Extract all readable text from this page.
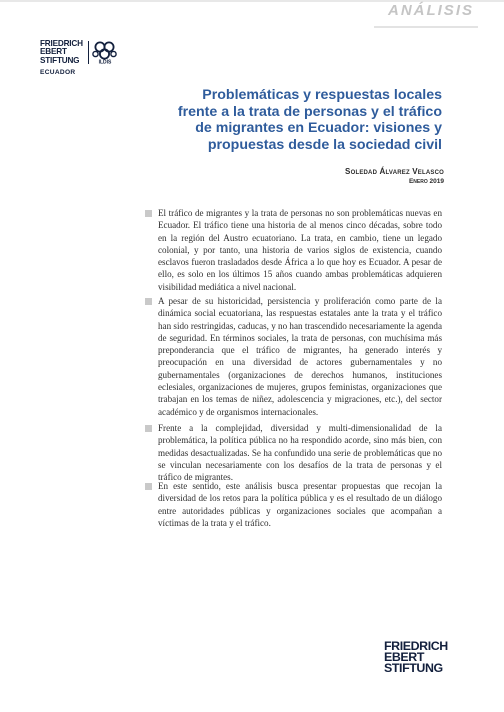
ANÁLISIS
FRIEDRICH
EBERT
STIFTUNG	ILDIS
ECUADOR
Problemáticas y respuestas locales frente a la trata de personas y el tráfico de migrantes en Ecuador: visiones y propuestas desde la sociedad civil
Soledad Álvarez Velasco
Enero 2019

El tráfico de migrantes y la trata de personas no son problemáticas nuevas en Ecuador. El tráfico tiene una historia de al menos cinco décadas, sobre todo en la región del Austro ecuatoriano. La trata, en cambio, tiene un legado colonial, y por tanto, una historia de varios siglos de existencia, cuando esclavos fueron trasladados desde África a lo que hoy es Ecuador. A pesar de ello, es solo en los últimos 15 años cuando ambas problemáticas adquieren visibilidad mediática a nivel nacional.

A pesar de su historicidad, persistencia y proliferación como parte de la dinámica social ecuatoriana, las respuestas estatales ante la trata y el tráfico han sido restringidas, caducas, y no han trascendido necesariamente la agenda de seguridad. En términos sociales, la trata de personas, con muchísima más preponderancia que el tráfico de migrantes, ha generado interés y preocupación en una diversidad de actores gubernamentales y no gubernamentales (organizaciones de derechos humanos, instituciones eclesiales, organizaciones de mujeres, grupos feministas, organizaciones que trabajan en los temas de niñez, adolescencia y migraciones, etc.), del sector académico y de organismos internacionales.

Frente a la complejidad, diversidad y multi-dimensionalidad de la problemática, la política pública no ha respondido acorde, sino más bien, con medidas desactualizadas. Se ha confundido una serie de problemáticas que no se vinculan necesariamente con los desafíos de la trata de personas y el tráfico de migrantes.

En este sentido, este análisis busca presentar propuestas que recojan la diversidad de los retos para la política pública y es el resultado de un diálogo entre autoridades públicas y organizaciones sociales que acompañan a víctimas de la trata y el tráfico.

FRIEDRICH
EBERT
STIFTUNG
